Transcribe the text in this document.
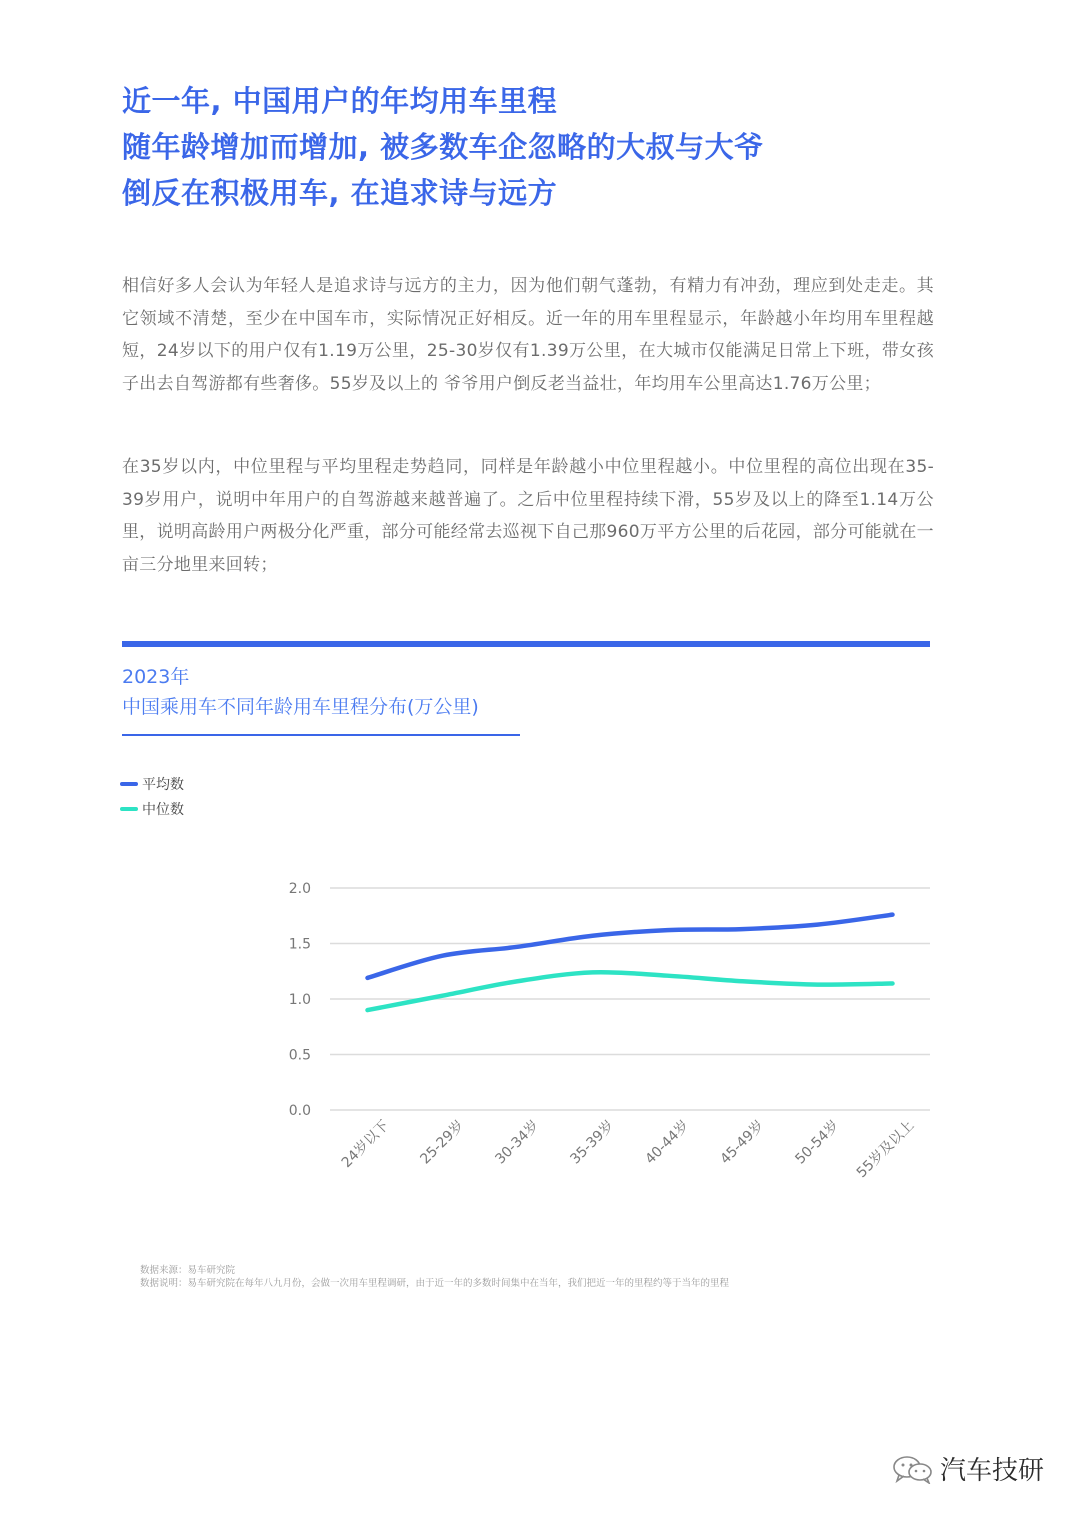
近一年, 中国用户的年均用车里程
随年龄增加而增加, 被多数车企忽略的大叔与大爷
倒反在积极用车, 在追求诗与远方

相信好多人会认为年轻人是追求诗与远方的主力，因为他们朝气蓬勃，有精力有冲劲，理应到处走走。其它领域不清楚，至少在中国车市，实际情况正好相反。近一年的用车里程显示，年龄越小年均用车里程越短，24岁以下的用户仅有1.19万公里，25-30岁仅有1.39万公里，在大城市仅能满足日常上下班，带女孩子出去自驾游都有些奢侈。55岁及以上的 爷爷用户倒反老当益壮，年均用车公里高达1.76万公里；

在35岁以内，中位里程与平均里程走势趋同，同样是年龄越小中位里程越小。中位里程的高位出现在35-39岁用户，说明中年用户的自驾游越来越普遍了。之后中位里程持续下滑，55岁及以上的降至1.14万公里，说明高龄用户两极分化严重，部分可能经常去巡视下自己那960万平方公里的后花园，部分可能就在一亩三分地里来回转；

2023年
中国乘用车不同年龄用车里程分布(万公里)
平均数
中位数
0.0
0.5
1.0
1.5
2.0
24岁以下 25-29岁 30-34岁 35-39岁 40-44岁 45-49岁 50-54岁 55岁及以上
数据来源：易车研究院
数据说明：易车研究院在每年八九月份，会做一次用车里程调研，由于近一年的多数时间集中在当年，我们把近一年的里程约等于当年的里程
汽车技研
